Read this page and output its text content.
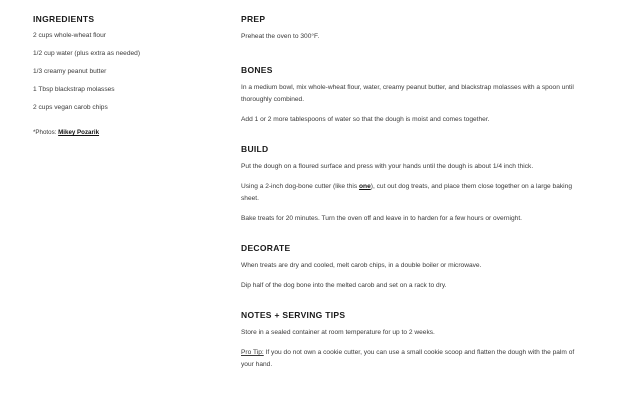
INGREDIENTS
2 cups whole-wheat flour
1/2 cup water (plus extra as needed)
1/3 creamy peanut butter
1 Tbsp blackstrap molasses
2 cups vegan carob chips
*Photos: Mikey Pozarik
PREP

Preheat the oven to 300°F.

BONES

In a medium bowl, mix whole-wheat flour, water, creamy peanut butter, and blackstrap molasses with a spoon until thoroughly combined.

Add 1 or 2 more tablespoons of water so that the dough is moist and comes together.

BUILD

Put the dough on a floured surface and press with your hands until the dough is about 1/4 inch thick.

Using a 2-inch dog-bone cutter (like this one), cut out dog treats, and place them close together on a large baking sheet.

Bake treats for 20 minutes. Turn the oven off and leave in to harden for a few hours or overnight.

DECORATE

When treats are dry and cooled, melt carob chips, in a double boiler or microwave.

Dip half of the dog bone into the melted carob and set on a rack to dry.

NOTES + SERVING TIPS

Store in a sealed container at room temperature for up to 2 weeks.

Pro Tip: If you do not own a cookie cutter, you can use a small cookie scoop and flatten the dough with the palm of your hand.
